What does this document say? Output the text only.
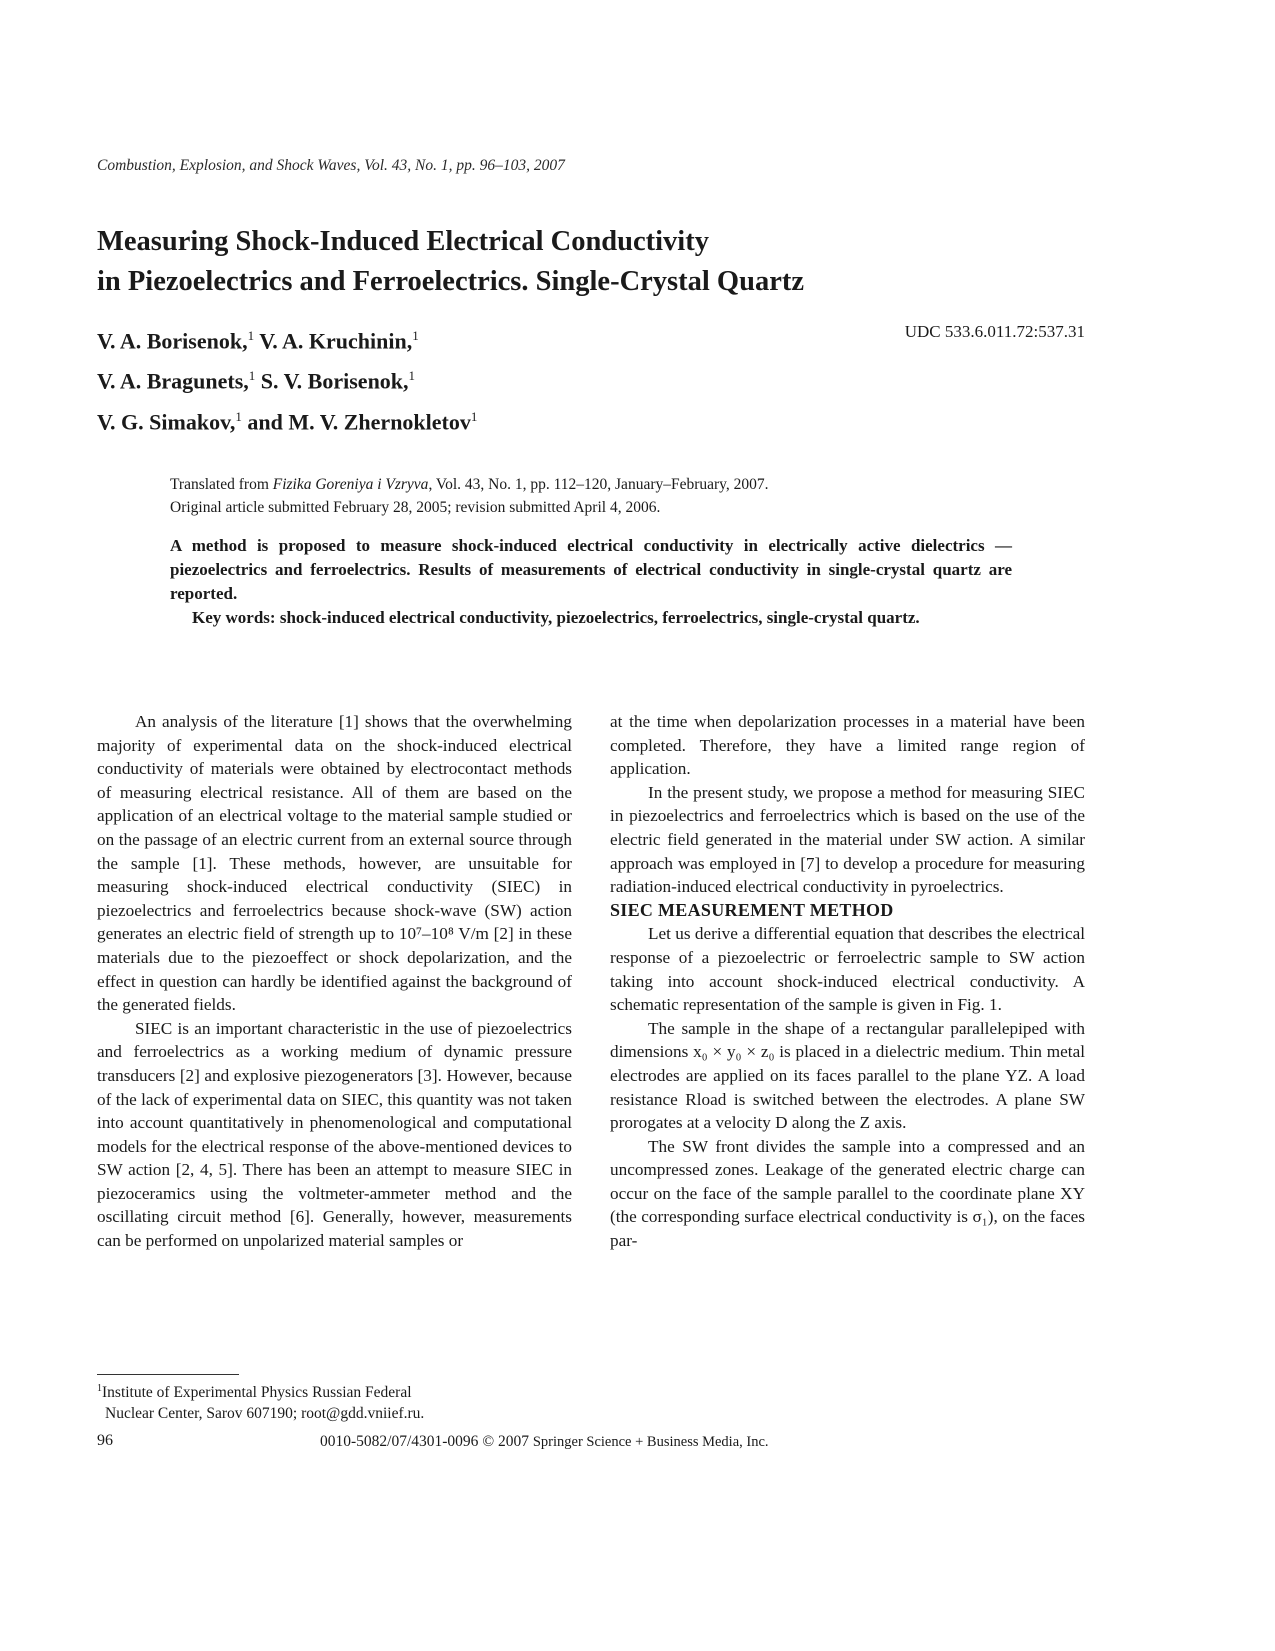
Combustion, Explosion, and Shock Waves, Vol. 43, No. 1, pp. 96–103, 2007
Measuring Shock-Induced Electrical Conductivity
in Piezoelectrics and Ferroelectrics. Single-Crystal Quartz
V. A. Borisenok,$^1$ V. A. Kruchinin,$^1$
V. A. Bragunets,$^1$ S. V. Borisenok,$^1$
V. G. Simakov,$^1$ and M. V. Zhernokletov$^1$
UDC 533.6.011.72:537.31
Translated from Fizika Goreniya i Vzryva, Vol. 43, No. 1, pp. 112–120, January–February, 2007.
Original article submitted February 28, 2005; revision submitted April 4, 2006.

A method is proposed to measure shock-induced electrical conductivity in electrically active dielectrics — piezoelectrics and ferroelectrics. Results of measurements of electrical conductivity in single-crystal quartz are reported.

Key words: shock-induced electrical conductivity, piezoelectrics, ferroelectrics, single-crystal quartz.

An analysis of the literature [1] shows that the overwhelming majority of experimental data on the shock-induced electrical conductivity of materials were obtained by electrocontact methods of measuring electrical resistance. All of them are based on the application of an electrical voltage to the material sample studied or on the passage of an electric current from an external source through the sample [1]. These methods, however, are unsuitable for measuring shock-induced electrical conductivity (SIEC) in piezoelectrics and ferroelectrics because shock-wave (SW) action generates an electric field of strength up to 10⁷–10⁸ V/m [2] in these materials due to the piezoeffect or shock depolarization, and the effect in question can hardly be identified against the background of the generated fields.

SIEC is an important characteristic in the use of piezoelectrics and ferroelectrics as a working medium of dynamic pressure transducers [2] and explosive piezogenerators [3]. However, because of the lack of experimental data on SIEC, this quantity was not taken into account quantitatively in phenomenological and computational models for the electrical response of the above-mentioned devices to SW action [2, 4, 5]. There has been an attempt to measure SIEC in piezoceramics using the voltmeter-ammeter method and the oscillating circuit method [6]. Generally, however, measurements can be performed on unpolarized material samples or

at the time when depolarization processes in a material have been completed. Therefore, they have a limited range region of application.

In the present study, we propose a method for measuring SIEC in piezoelectrics and ferroelectrics which is based on the use of the electric field generated in the material under SW action. A similar approach was employed in [7] to develop a procedure for measuring radiation-induced electrical conductivity in pyroelectrics.

SIEC MEASUREMENT METHOD

Let us derive a differential equation that describes the electrical response of a piezoelectric or ferroelectric sample to SW action taking into account shock-induced electrical conductivity. A schematic representation of the sample is given in Fig. 1.

The sample in the shape of a rectangular parallelepiped with dimensions x₀ × y₀ × z₀ is placed in a dielectric medium. Thin metal electrodes are applied on its faces parallel to the plane YZ. A load resistance Rload is switched between the electrodes. A plane SW prorogates at a velocity D along the Z axis.

The SW front divides the sample into a compressed and an uncompressed zones. Leakage of the generated electric charge can occur on the face of the sample parallel to the coordinate plane XY (the corresponding surface electrical conductivity is σ₁), on the faces par-

$^1$Institute of Experimental Physics Russian Federal
Nuclear Center, Sarov 607190; root@gdd.vniief.ru.
96	0010-5082/07/4301-0096 © 2007 Springer Science + Business Media, Inc.
